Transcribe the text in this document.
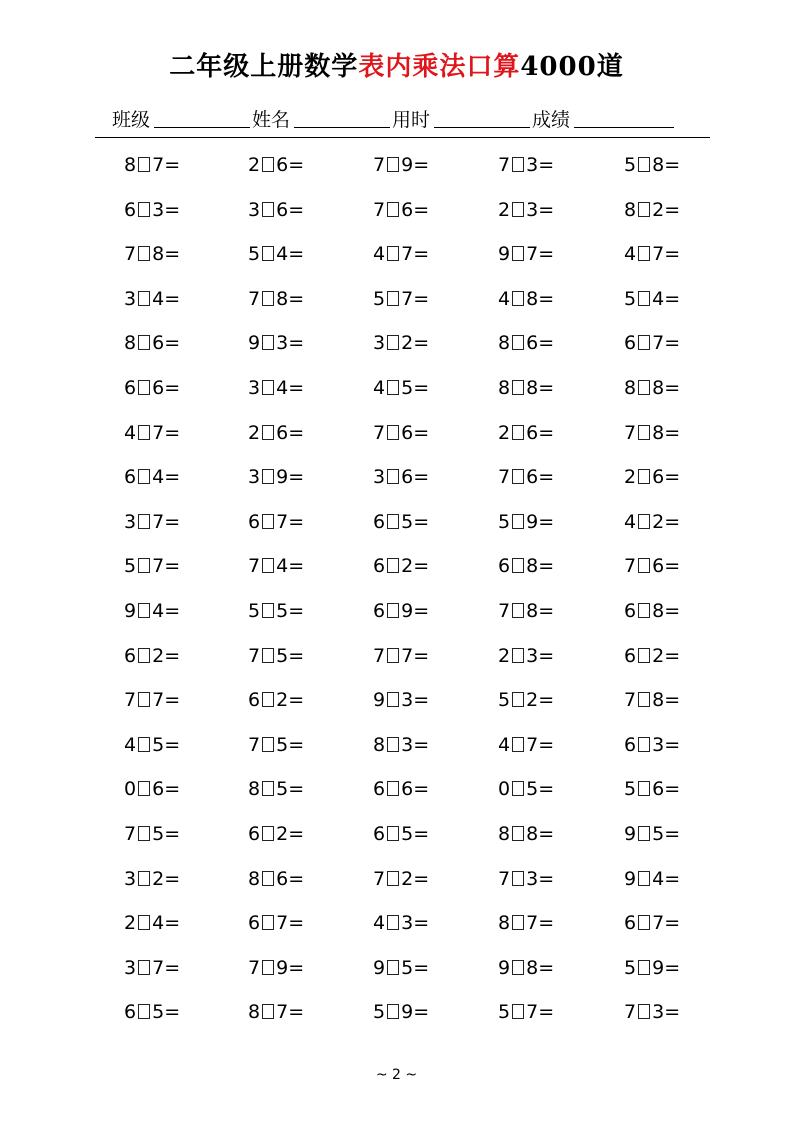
二年级上册数学表内乘法口算4000道
班级	姓名	用时	成绩
8 7=	2 6=	7 9=	7 3=	5 8=
6 3=	3 6=	7 6=	2 3=	8 2=
7 8=	5 4=	4 7=	9 7=	4 7=
3 4=	7 8=	5 7=	4 8=	5 4=
8 6=	9 3=	3 2=	8 6=	6 7=
6 6=	3 4=	4 5=	8 8=	8 8=
4 7=	2 6=	7 6=	2 6=	7 8=
6 4=	3 9=	3 6=	7 6=	2 6=
3 7=	6 7=	6 5=	5 9=	4 2=
5 7=	7 4=	6 2=	6 8=	7 6=
9 4=	5 5=	6 9=	7 8=	6 8=
6 2=	7 5=	7 7=	2 3=	6 2=
7 7=	6 2=	9 3=	5 2=	7 8=
4 5=	7 5=	8 3=	4 7=	6 3=
0 6=	8 5=	6 6=	0 5=	5 6=
7 5=	6 2=	6 5=	8 8=	9 5=
3 2=	8 6=	7 2=	7 3=	9 4=
2 4=	6 7=	4 3=	8 7=	6 7=
3 7=	7 9=	9 5=	9 8=	5 9=
6 5=	8 7=	5 9=	5 7=	7 3=
~ 2 ~
